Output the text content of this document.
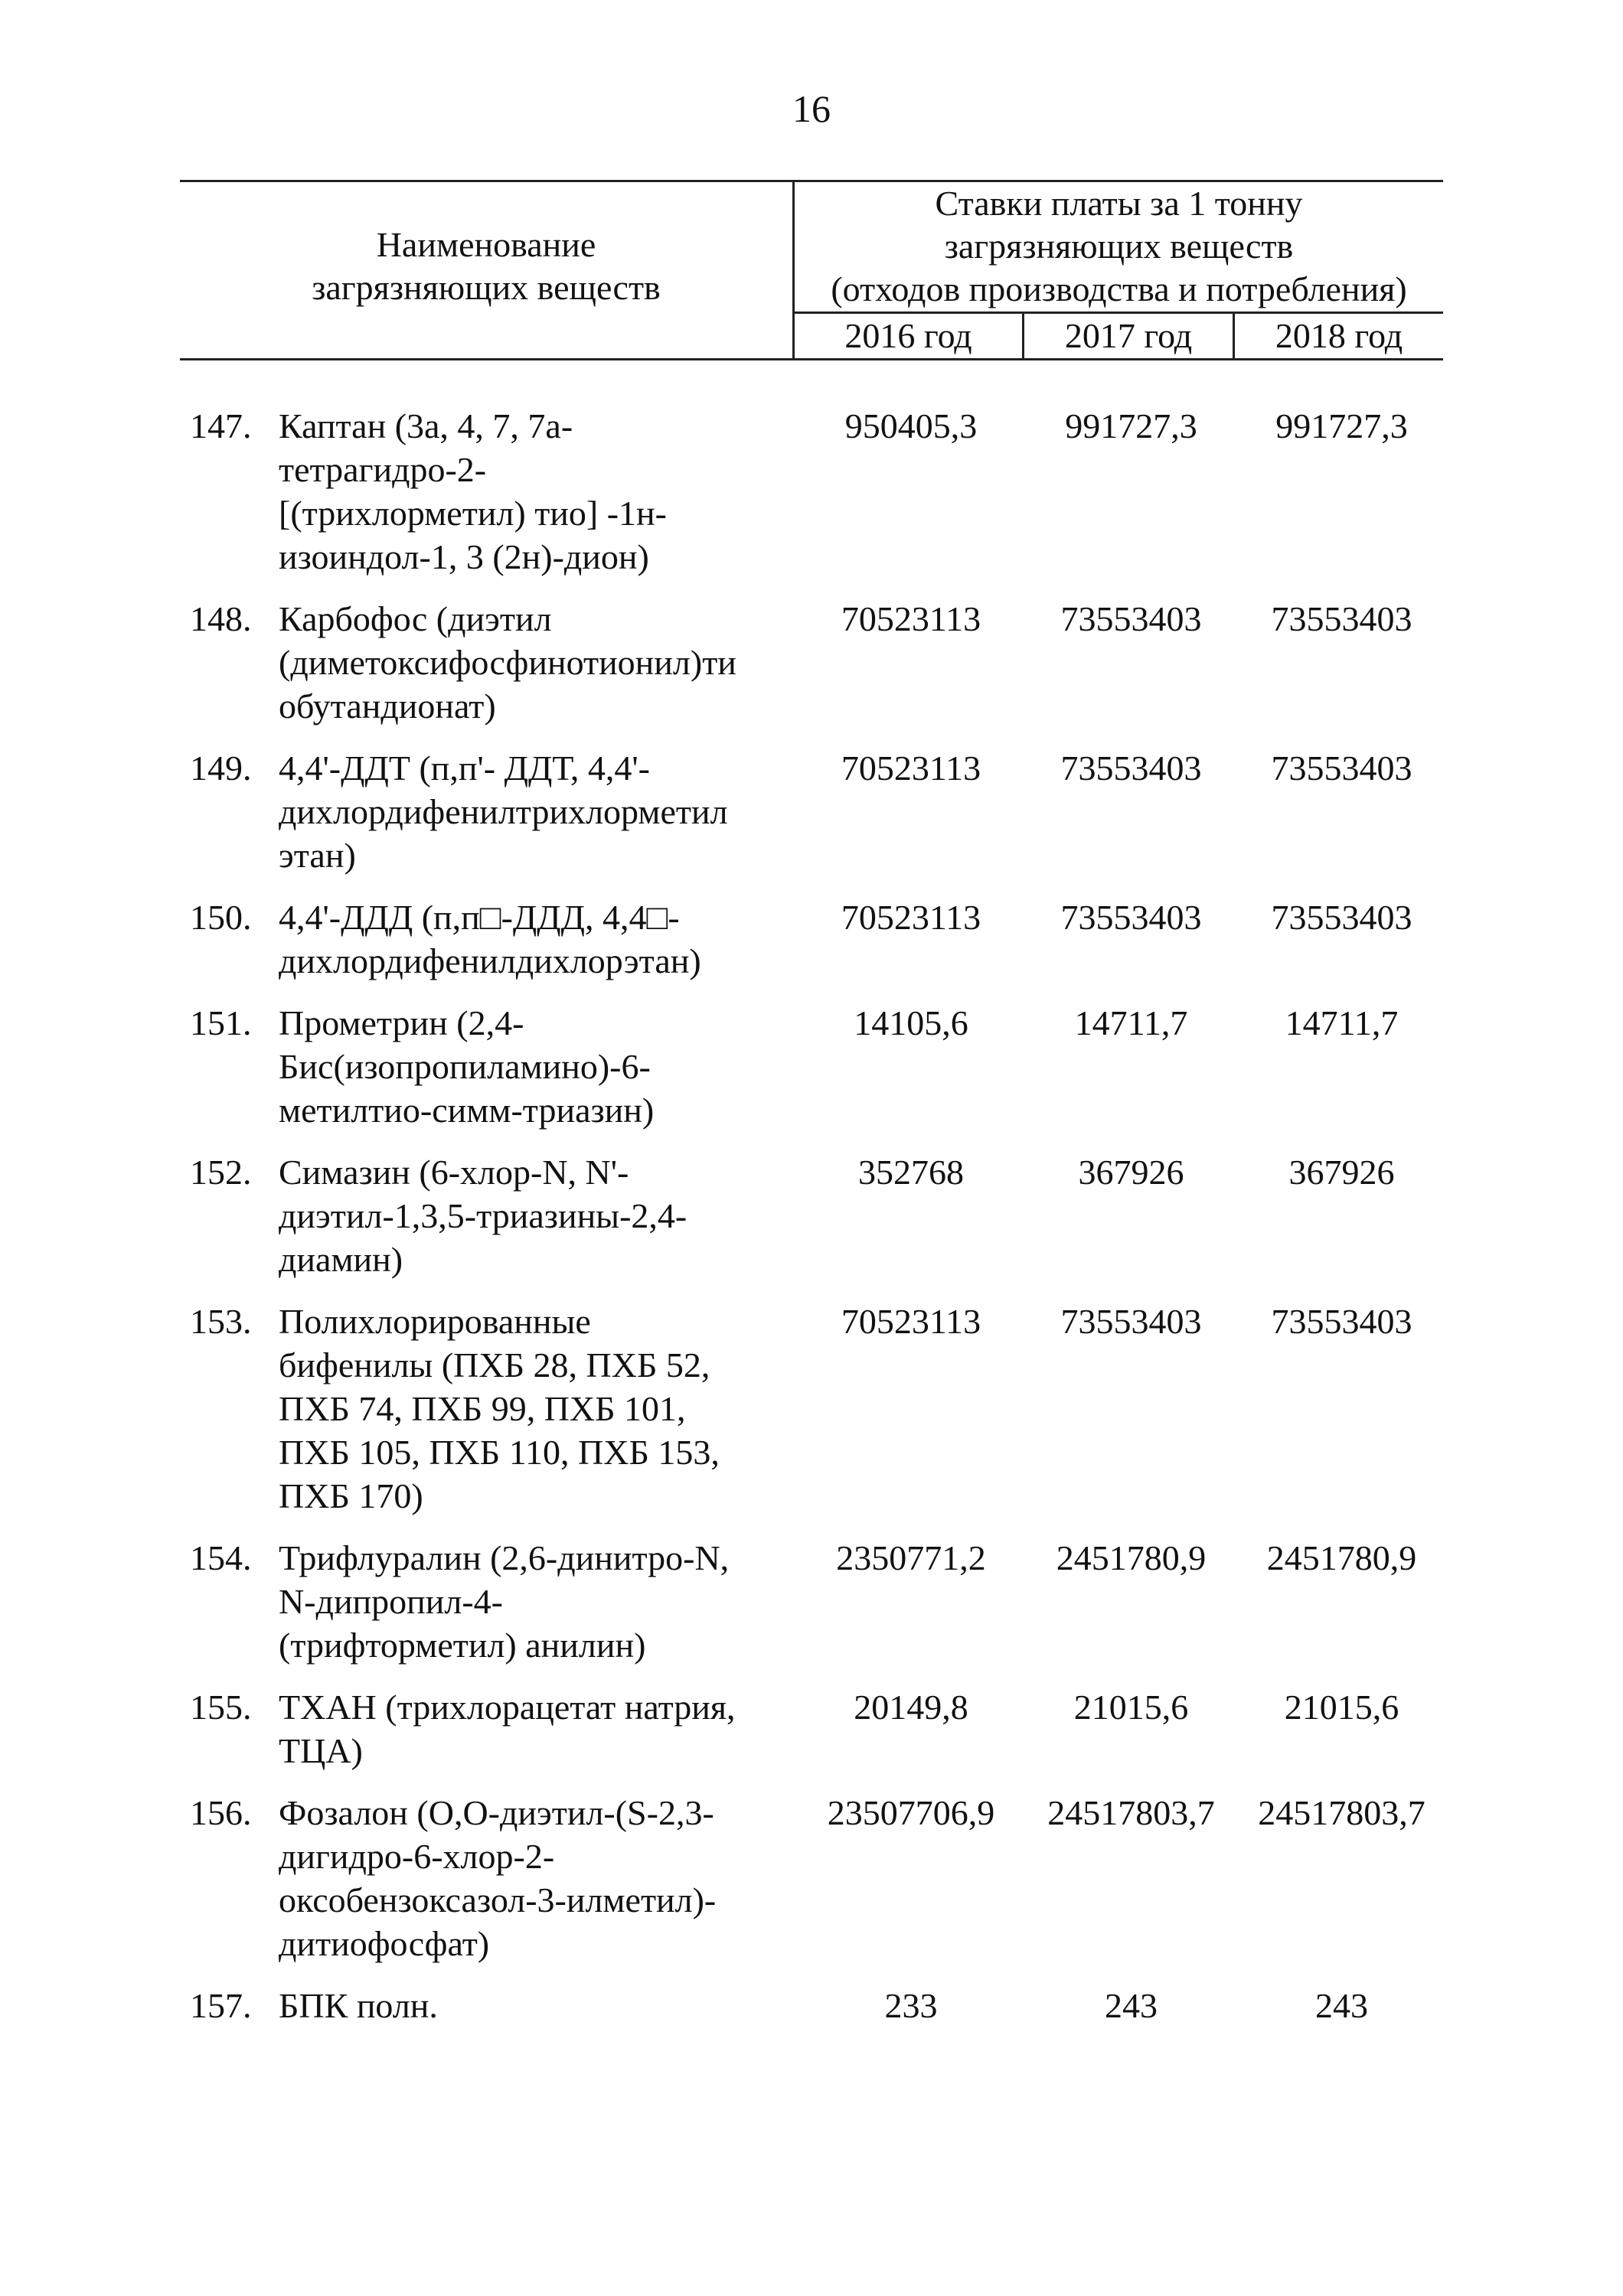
16
Наименование
загрязняющих веществ
Ставки платы за 1 тонну
загрязняющих веществ
(отходов производства и потребления)
2016 год	2017 год	2018 год
147. Каптан (3а, 4, 7, 7а-
тетрагидро-2-
[(трихлорметил) тио] -1н-
изоиндол-1, 3 (2н)-дион)
950405,3	991727,3	991727,3
148. Карбофос (диэтил
(диметоксифосфинотионил)ти
обутандионат)
70523113	73553403	73553403
149. 4,4'-ДДТ (п,п'- ДДТ, 4,4'-
дихлордифенилтрихлорметил
этан)
70523113	73553403	73553403
150. 4,4'-ДДД (п,п□-ДДД, 4,4□-
дихлордифенилдихлорэтан)
70523113	73553403	73553403
151. Прометрин (2,4-
Бис(изопропиламино)-6-
метилтио-симм-триазин)
14105,6	14711,7	14711,7
152. Симазин (6-хлор-N, N'-
диэтил-1,3,5-триазины-2,4-
диамин)
352768	367926	367926
153. Полихлорированные
бифенилы (ПХБ 28, ПХБ 52,
ПХБ 74, ПХБ 99, ПХБ 101,
ПХБ 105, ПХБ 110, ПХБ 153,
ПХБ 170)
70523113	73553403	73553403
154. Трифлуралин (2,6-динитро-N,
N-дипропил-4-
(трифторметил) анилин)
2350771,2	2451780,9	2451780,9
155. ТХАН (трихлорацетат натрия,
ТЦА)
20149,8	21015,6	21015,6
156. Фозалон (О,О-диэтил-(S-2,3-
дигидро-6-хлор-2-
оксобензоксазол-3-илметил)-
дитиофосфат)
23507706,9	24517803,7	24517803,7
157. БПК полн.	233	243	243
